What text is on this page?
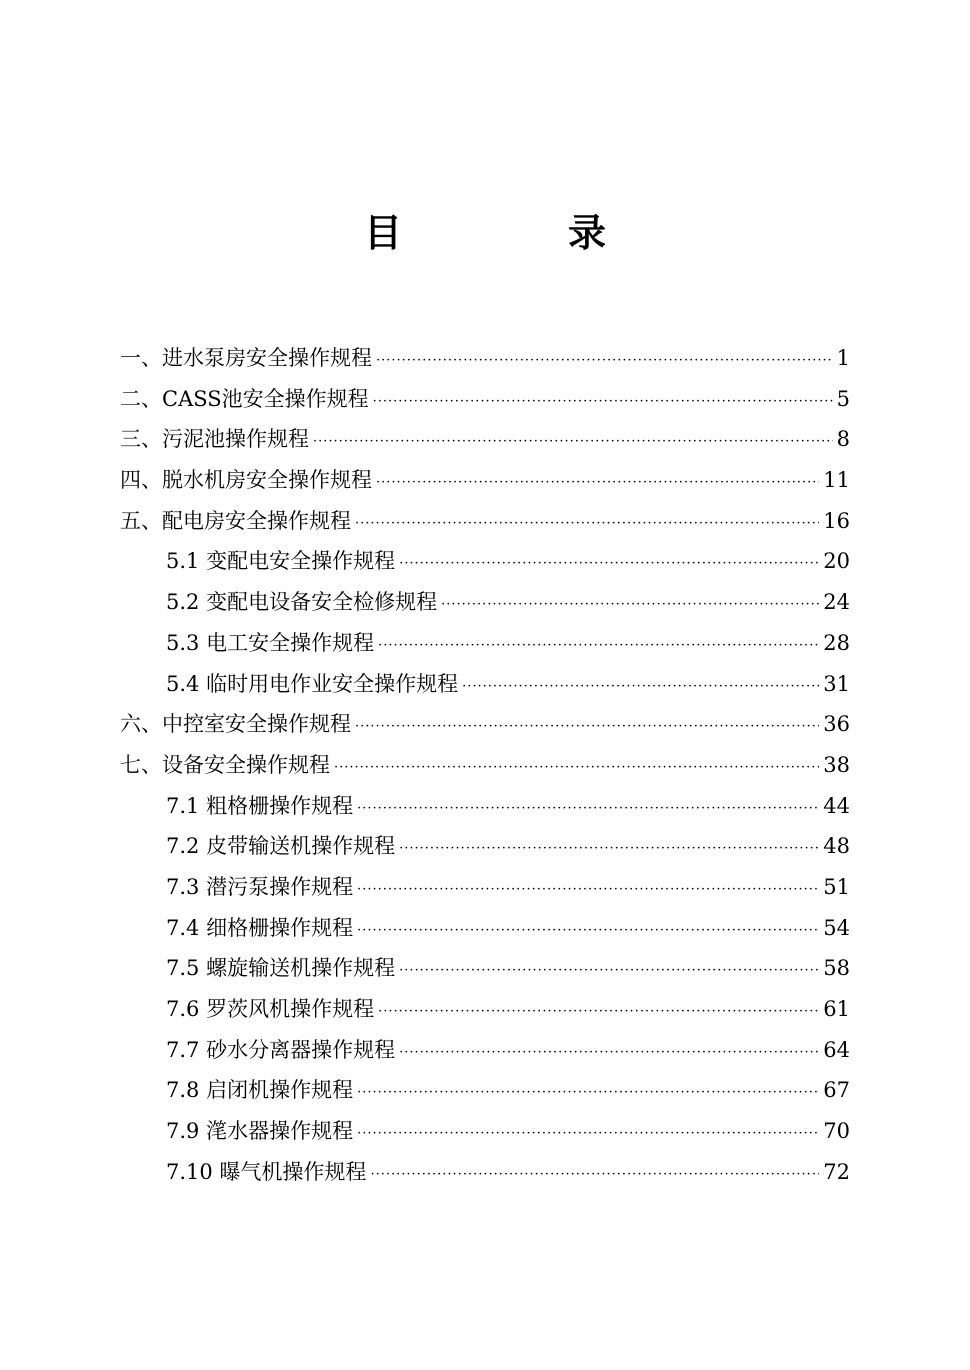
目　录
一、进水泵房安全操作规程 ·····	1
二、CASS池安全操作规程 ·····	5
三、污泥池操作规程 ·····	8
四、脱水机房安全操作规程 ·····	11
五、配电房安全操作规程 ·····	16
5.1 变配电安全操作规程 ·····	20
5.2 变配电设备安全检修规程 ·····	24
5.3 电工安全操作规程 ·····	28
5.4 临时用电作业安全操作规程 ·····	31
六、中控室安全操作规程 ·····	36
七、设备安全操作规程 ·····	38
7.1 粗格栅操作规程 ·····	44
7.2 皮带输送机操作规程 ·····	48
7.3 潜污泵操作规程 ·····	51
7.4 细格栅操作规程 ·····	54
7.5 螺旋输送机操作规程 ·····	58
7.6 罗茨风机操作规程 ·····	61
7.7 砂水分离器操作规程 ·····	64
7.8 启闭机操作规程 ·····	67
7.9 滗水器操作规程 ·····	70
7.10 曝气机操作规程 ·····	72
